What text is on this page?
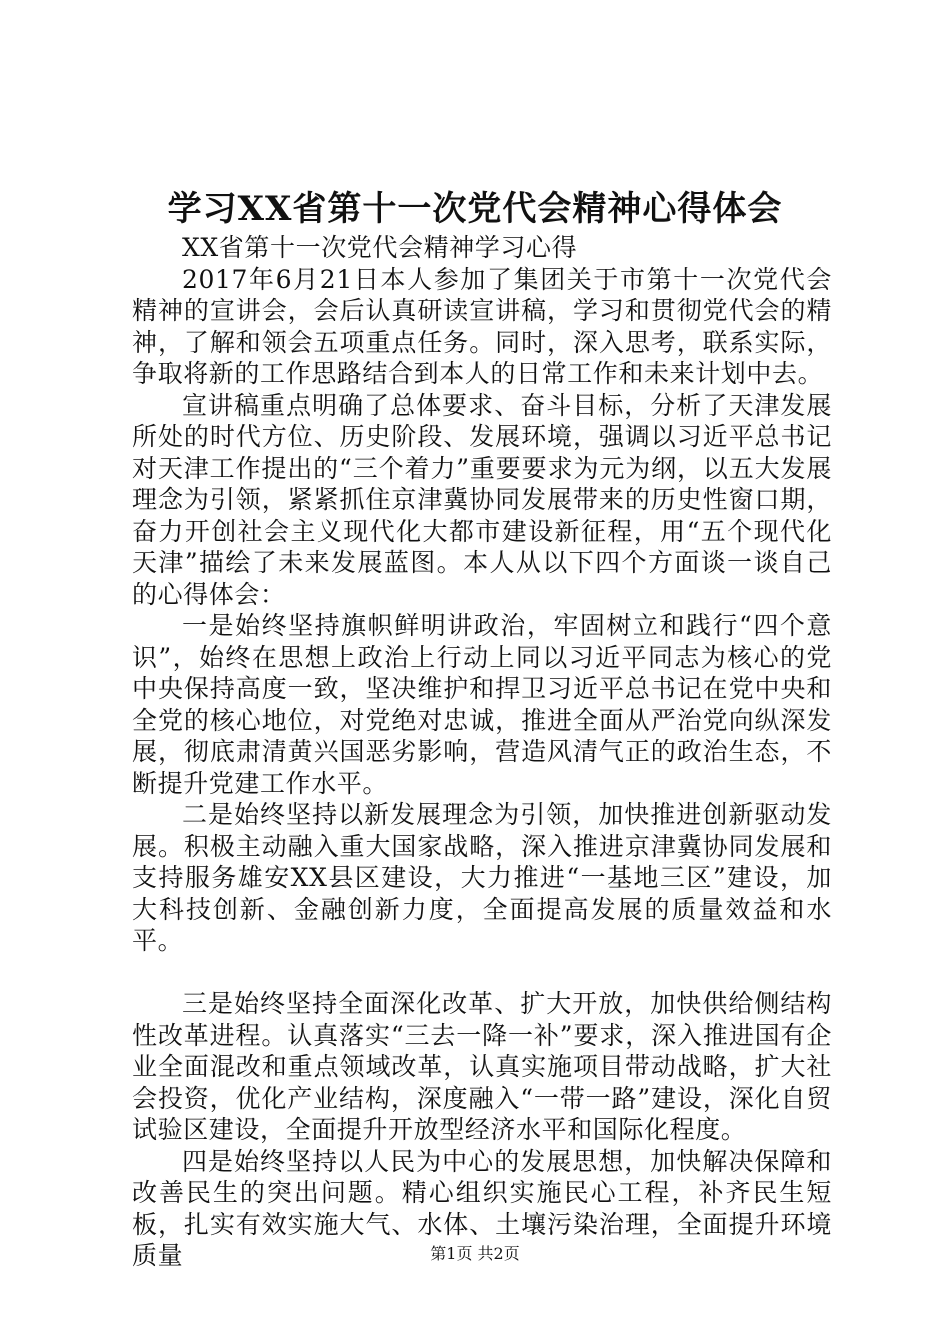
学习XX省第十一次党代会精神心得体会

XX省第十一次党代会精神学习心得

2017年6月21日本人参加了集团关于市第十一次党代会精神的宣讲会，会后认真研读宣讲稿，学习和贯彻党代会的精神，了解和领会五项重点任务。同时，深入思考，联系实际，争取将新的工作思路结合到本人的日常工作和未来计划中去。

宣讲稿重点明确了总体要求、奋斗目标，分析了天津发展所处的时代方位、历史阶段、发展环境，强调以习近平总书记对天津工作提出的“三个着力”重要要求为元为纲，以五大发展理念为引领，紧紧抓住京津冀协同发展带来的历史性窗口期，奋力开创社会主义现代化大都市建设新征程，用“五个现代化天津”描绘了未来发展蓝图。本人从以下四个方面谈一谈自己的心得体会：

一是始终坚持旗帜鲜明讲政治，牢固树立和践行“四个意识”，始终在思想上政治上行动上同以习近平同志为核心的党中央保持高度一致，坚决维护和捍卫习近平总书记在党中央和全党的核心地位，对党绝对忠诚，推进全面从严治党向纵深发展，彻底肃清黄兴国恶劣影响，营造风清气正的政治生态，不断提升党建工作水平。

二是始终坚持以新发展理念为引领，加快推进创新驱动发展。积极主动融入重大国家战略，深入推进京津冀协同发展和支持服务雄安XX县区建设，大力推进“一基地三区”建设，加大科技创新、金融创新力度，全面提高发展的质量效益和水平。

三是始终坚持全面深化改革、扩大开放，加快供给侧结构性改革进程。认真落实“三去一降一补”要求，深入推进国有企业全面混改和重点领域改革，认真实施项目带动战略，扩大社会投资，优化产业结构，深度融入“一带一路”建设，深化自贸试验区建设，全面提升开放型经济水平和国际化程度。

四是始终坚持以人民为中心的发展思想，加快解决保障和改善民生的突出问题。精心组织实施民心工程，补齐民生短板，扎实有效实施大气、水体、土壤污染治理，全面提升环境质量	第1页 共2页
